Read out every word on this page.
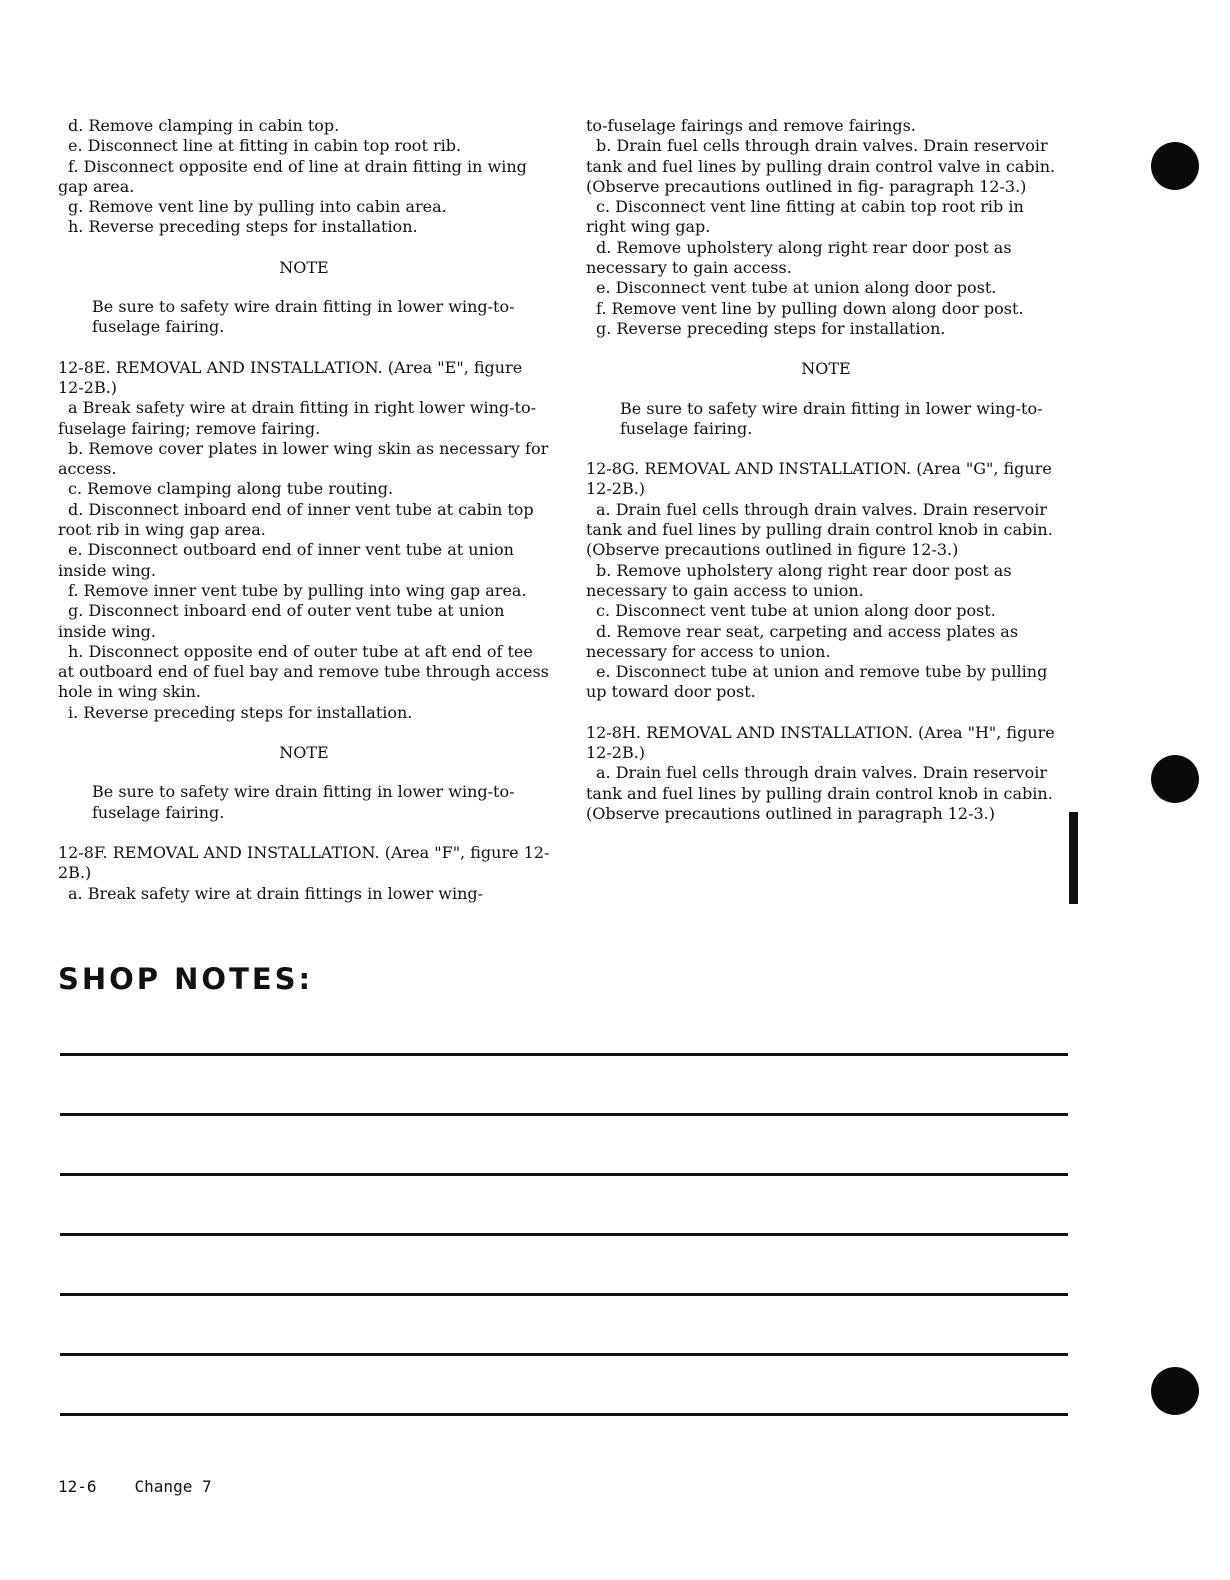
d. Remove clamping in cabin top.

e. Disconnect line at fitting in cabin top root rib.

f. Disconnect opposite end of line at drain fitting in wing gap area.

g. Remove vent line by pulling into cabin area.

h. Reverse preceding steps for installation.

NOTE

Be sure to safety wire drain fitting in lower wing-to-fuselage fairing.

12-8E. REMOVAL AND INSTALLATION. (Area "E", figure 12-2B.)

a Break safety wire at drain fitting in right lower wing-to-fuselage fairing; remove fairing.

b. Remove cover plates in lower wing skin as necessary for access.

c. Remove clamping along tube routing.

d. Disconnect inboard end of inner vent tube at cabin top root rib in wing gap area.

e. Disconnect outboard end of inner vent tube at union inside wing.

f. Remove inner vent tube by pulling into wing gap area.

g. Disconnect inboard end of outer vent tube at union inside wing.

h. Disconnect opposite end of outer tube at aft end of tee at outboard end of fuel bay and remove tube through access hole in wing skin.

i. Reverse preceding steps for installation.

NOTE

Be sure to safety wire drain fitting in lower wing-to-fuselage fairing.

12-8F. REMOVAL AND INSTALLATION. (Area "F", figure 12-2B.)

a. Break safety wire at drain fittings in lower wing-

to-fuselage fairings and remove fairings.

b. Drain fuel cells through drain valves. Drain reservoir tank and fuel lines by pulling drain control valve in cabin. (Observe precautions outlined in fig- paragraph 12-3.)

c. Disconnect vent line fitting at cabin top root rib in right wing gap.

d. Remove upholstery along right rear door post as necessary to gain access.

e. Disconnect vent tube at union along door post.

f. Remove vent line by pulling down along door post.

g. Reverse preceding steps for installation.

NOTE

Be sure to safety wire drain fitting in lower wing-to-fuselage fairing.

12-8G. REMOVAL AND INSTALLATION. (Area "G", figure 12-2B.)

a. Drain fuel cells through drain valves. Drain reservoir tank and fuel lines by pulling drain control knob in cabin. (Observe precautions outlined in figure 12-3.)

b. Remove upholstery along right rear door post as necessary to gain access to union.

c. Disconnect vent tube at union along door post.

d. Remove rear seat, carpeting and access plates as necessary for access to union.

e. Disconnect tube at union and remove tube by pulling up toward door post.

12-8H. REMOVAL AND INSTALLATION. (Area "H", figure 12-2B.)

a. Drain fuel cells through drain valves. Drain reservoir tank and fuel lines by pulling drain control knob in cabin. (Observe precautions outlined in paragraph 12-3.)

SHOP NOTES:
12-6 Change 7
